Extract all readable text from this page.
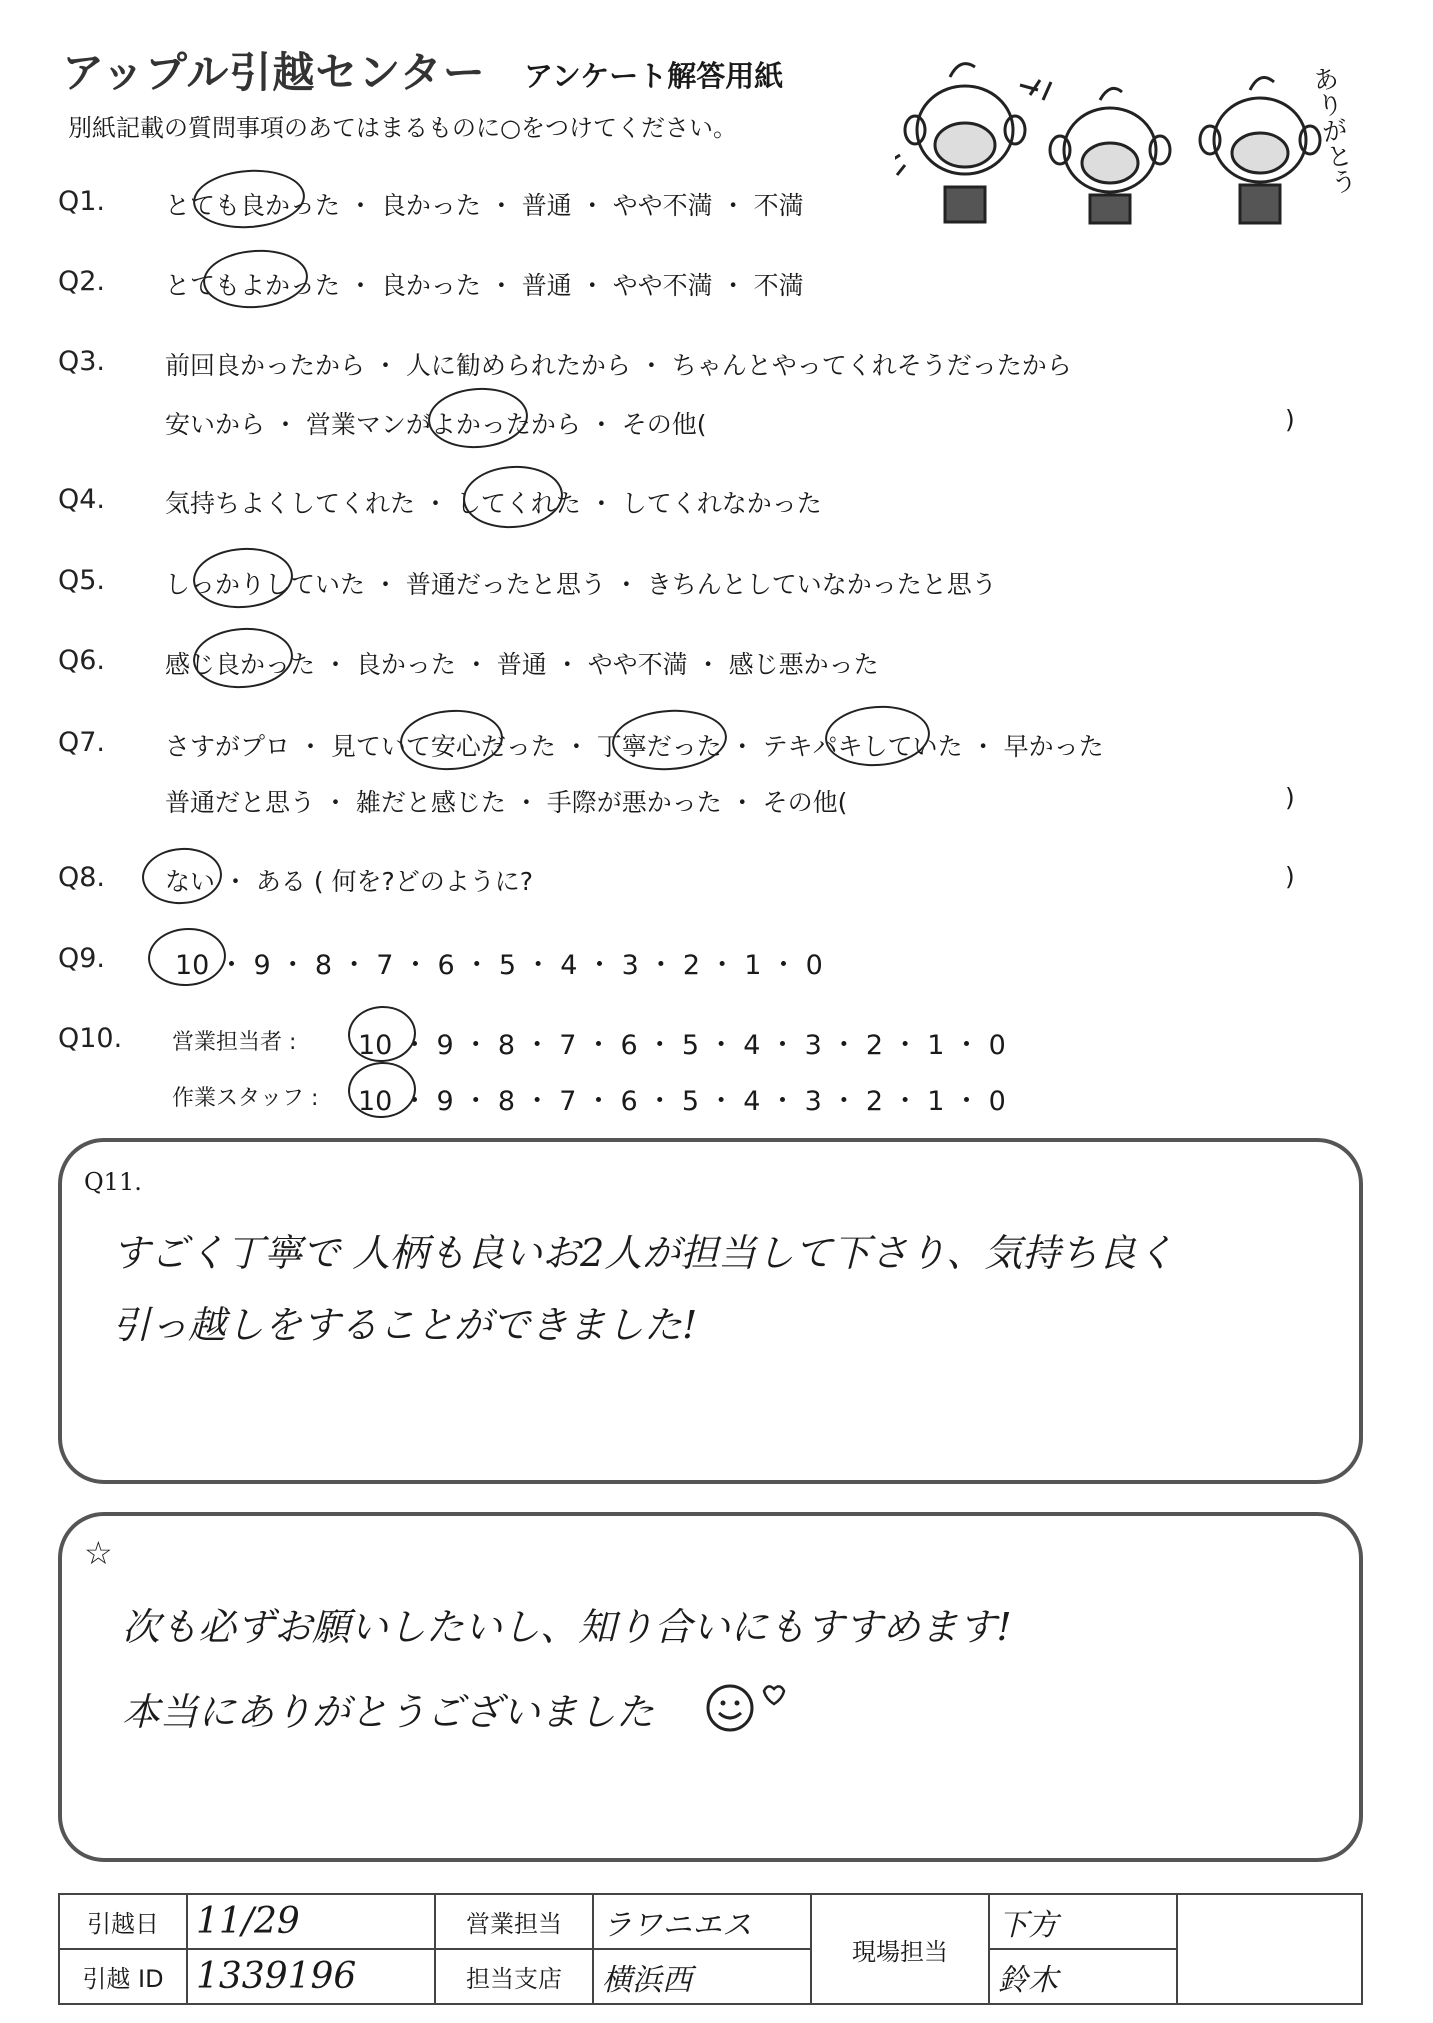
アップル引越センター アンケート解答用紙
別紙記載の質問事項のあてはまるものに○をつけてください。	ありがとう
Q1. とても良かった ・ 良かった ・ 普通 ・ やや不満 ・ 不満
Q2. とてもよかった ・ 良かった ・ 普通 ・ やや不満 ・ 不満
Q3. 前回良かったから ・ 人に勧められたから ・ ちゃんとやってくれそうだったから
安いから ・ 営業マンがよかったから ・ その他(	)
Q4. 気持ちよくしてくれた ・ してくれた ・ してくれなかった
Q5. しっかりしていた ・ 普通だったと思う ・ きちんとしていなかったと思う
Q6. 感じ良かった ・ 良かった ・ 普通 ・ やや不満 ・ 感じ悪かった
Q7. さすがプロ ・ 見ていて安心だった ・ 丁寧だった ・ テキパキしていた ・ 早かった
普通だと思う ・ 雑だと感じた ・ 手際が悪かった ・ その他(	)
Q8. ない ・ ある ( 何を?どのように?	)
Q9.	10 ・ 9 ・ 8 ・ 7 ・ 6 ・ 5 ・ 4 ・ 3 ・ 2 ・ 1 ・ 0
Q10. 営業担当者 : 10 ・ 9 ・ 8 ・ 7 ・ 6 ・ 5 ・ 4 ・ 3 ・ 2 ・ 1 ・ 0
作業スタッフ : 10 ・ 9 ・ 8 ・ 7 ・ 6 ・ 5 ・ 4 ・ 3 ・ 2 ・ 1 ・ 0
Q11.
すごく丁寧で 人柄も良いお2人が担当して下さり、気持ち良く
引っ越しをすることができました!
☆
次も必ずお願いしたいし、知り合いにもすすめます!
本当にありがとうございました
引越日	11/29	営業担当	ラワニエス	現場担当	下方	
引越 ID	1339196	担当支店	横浜西		鈴木	
